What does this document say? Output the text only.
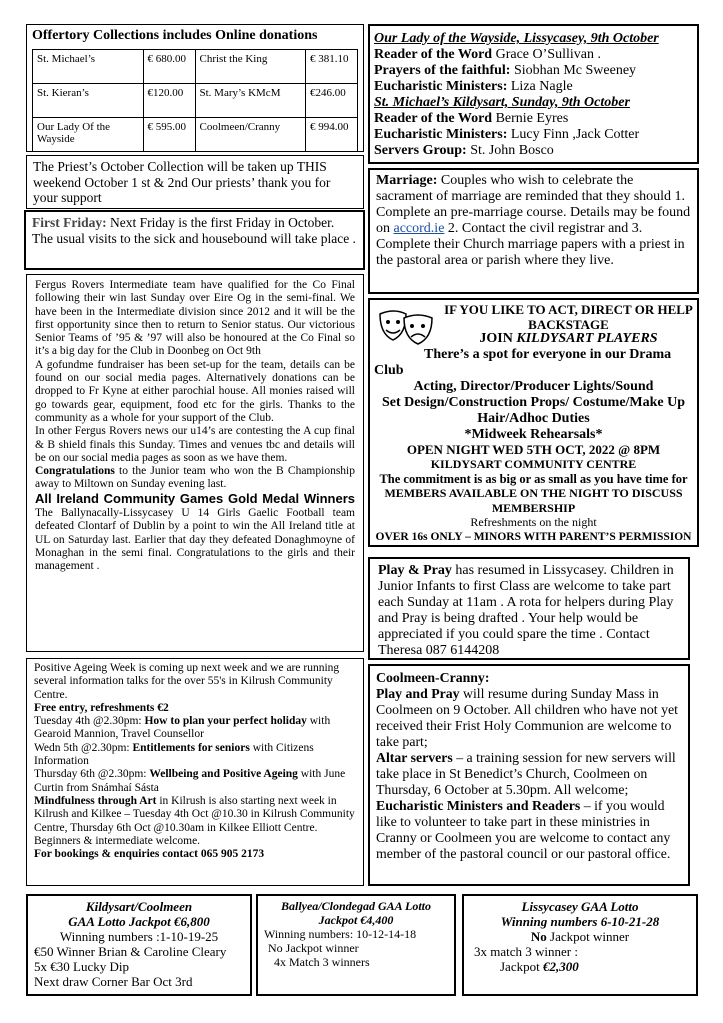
Offertory Collections includes Online donations
St. Michael’s	€ 680.00	Christ the King	€ 381.10
St. Kieran’s	€120.00	St. Mary’s KMcM	€246.00
Our Lady Of the Wayside	€ 595.00	Coolmeen/Cranny	€ 994.00
The Priest’s October Collection will be taken up THIS weekend October 1 st & 2nd Our priests’ thank you for your support
First Friday: Next Friday is the first Friday in October. The usual visits to the sick and housebound will take place .
Fergus Rovers Intermediate team have qualified for the Co Final following their win last Sunday over Eire Og in the semi-final. We have been in the Intermediate division since 2012 and it will be the first opportunity since then to return to Senior status. Our victorious Senior Teams of ’95 & ’97 will also be honoured at the Co Final so it’s a big day for the Club in Doonbeg on Oct 9th
A gofundme fundraiser has been set-up for the team, details can be found on our social media pages. Alternatively donations can be dropped to Fr Kyne at either parochial house. All monies raised will go towards gear, equipment, food etc for the girls. Thanks to the community as a whole for your support of the Club.
In other Fergus Rovers news our u14’s are contesting the A cup final & B shield finals this Sunday. Times and venues tbc and details will be on our social media pages as soon as we have them.
Congratulations to the Junior team who won the B Championship away to Miltown on Sunday evening last.
All Ireland Community Games Gold Medal Winners The Ballynacally-Lissycasey U 14 Girls Gaelic Football team defeated Clontarf of Dublin by a point to win the All Ireland title at UL on Saturday last. Earlier that day they defeated Donaghmoyne of Monaghan in the semi final. Congratulations to the girls and their management .
Positive Ageing Week is coming up next week and we are running several information talks for the over 55's in Kilrush Community Centre.
Free entry, refreshments €2
Tuesday 4th @2.30pm: How to plan your perfect holiday with Gearoid Mannion, Travel Counsellor
Wedn 5th @2.30pm: Entitlements for seniors with Citizens Information
Thursday 6th @2.30pm: Wellbeing and Positive Ageing with June Curtin from Snámhaí Sásta
Mindfulness through Art in Kilrush is also starting next week in Kilrush and Kilkee – Tuesday 4th Oct @10.30 in Kilrush Community Centre, Thursday 6th Oct @10.30am in Kilkee Elliott Centre. Beginners & intermediate welcome.
For bookings & enquiries contact 065 905 2173
Kildysart/Coolmeen
GAA Lotto Jackpot €6,800
Winning numbers :1-10-19-25
€50 Winner Brian & Caroline Cleary
5x €30 Lucky Dip
Next draw Corner Bar Oct 3rd
Ballyea/Clondegad GAA Lotto
Jackpot €4,400
Winning numbers: 10-12-14-18
No Jackpot winner
4x Match 3 winners
Lissycasey GAA Lotto
Winning numbers 6-10-21-28
No Jackpot winner
3x match 3 winner :
Jackpot €2,300
Our Lady of the Wayside, Lissycasey, 9th October
Reader of the Word Grace O’Sullivan .
Prayers of the faithful: Siobhan Mc Sweeney
Eucharistic Ministers: Liza Nagle
St. Michael’s Kildysart, Sunday, 9th October
Reader of the Word Bernie Eyres
Eucharistic Ministers: Lucy Finn ,Jack Cotter
Servers Group: St. John Bosco
Marriage: Couples who wish to celebrate the sacrament of marriage are reminded that they should 1. Complete an pre-marriage course. Details may be found on accord.ie 2. Contact the civil registrar and 3. Complete their Church marriage papers with a priest in the pastoral area or parish where they live.
IF YOU LIKE TO ACT, DIRECT OR HELP BACKSTAGE
JOIN KILDYSART PLAYERS
There’s a spot for everyone in our Drama Club
Acting, Director/Producer Lights/Sound
Set Design/Construction Props/ Costume/Make Up Hair/Adhoc Duties
*Midweek Rehearsals*
OPEN NIGHT WED 5TH OCT, 2022 @ 8PM
KILDYSART COMMUNITY CENTRE
The commitment is as big or as small as you have time for
MEMBERS AVAILABLE ON THE NIGHT TO DISCUSS MEMBERSHIP
Refreshments on the night
OVER 16s ONLY – MINORS WITH PARENT’S PERMISSION
Play & Pray has resumed in Lissycasey. Children in Junior Infants to first Class are welcome to take part each Sunday at 11am . A rota for helpers during Play and Pray is being drafted . Your help would be appreciated if you could spare the time . Contact Theresa 087 6144208
Coolmeen-Cranny:
Play and Pray will resume during Sunday Mass in Coolmeen on 9 October. All children who have not yet received their Frist Holy Communion are welcome to take part;
Altar servers – a training session for new servers will take place in St Benedict’s Church, Coolmeen on Thursday, 6 October at 5.30pm. All welcome;
Eucharistic Ministers and Readers – if you would like to volunteer to take part in these ministries in Cranny or Coolmeen you are welcome to contact any member of the pastoral council or our pastoral office.
